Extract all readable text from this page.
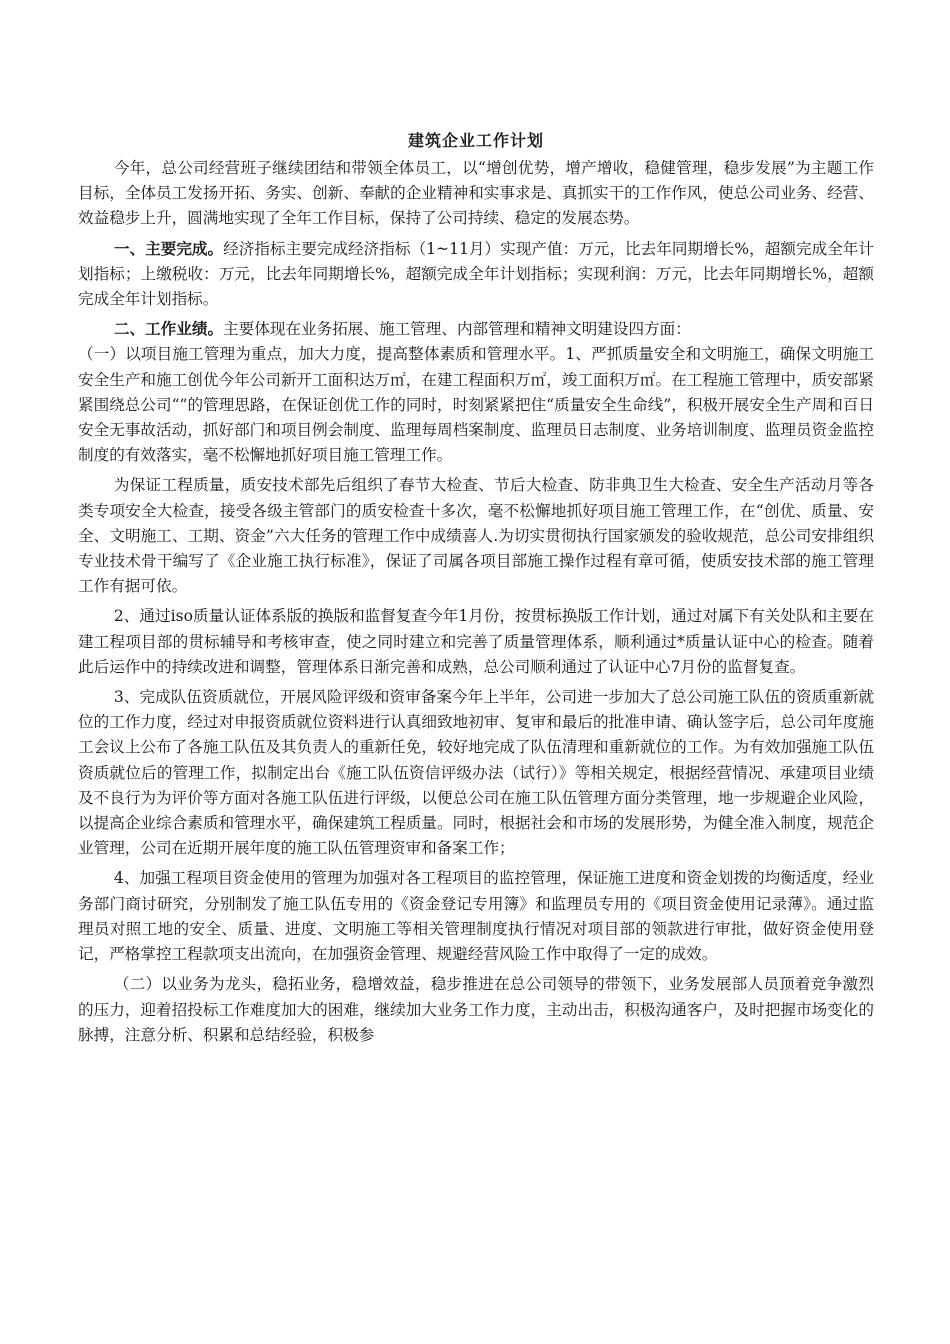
建筑企业工作计划

今年，总公司经营班子继续团结和带领全体员工，以“增创优势，增产增收，稳健管理，稳步发展”为主题工作目标，全体员工发扬开拓、务实、创新、奉献的企业精神和实事求是、真抓实干的工作作风，使总公司业务、经营、效益稳步上升，圆满地实现了全年工作目标，保持了公司持续、稳定的发展态势。

一、主要完成。经济指标主要完成经济指标（1~11月）实现产值：万元，比去年同期增长%，超额完成全年计划指标；上缴税收：万元，比去年同期增长%，超额完成全年计划指标；实现利润：万元，比去年同期增长%，超额完成全年计划指标。

二、工作业绩。主要体现在业务拓展、施工管理、内部管理和精神文明建设四方面：

（一）以项目施工管理为重点，加大力度，提高整体素质和管理水平。1、严抓质量安全和文明施工，确保文明施工安全生产和施工创优今年公司新开工面积达万㎡，在建工程面积万㎡，竣工面积万㎡。在工程施工管理中，质安部紧紧围绕总公司“”的管理思路，在保证创优工作的同时，时刻紧紧把住“质量安全生命线”，积极开展安全生产周和百日安全无事故活动，抓好部门和项目例会制度、监理每周档案制度、监理员日志制度、业务培训制度、监理员资金监控制度的有效落实，毫不松懈地抓好项目施工管理工作。

为保证工程质量，质安技术部先后组织了春节大检查、节后大检查、防非典卫生大检查、安全生产活动月等各类专项安全大检查，接受各级主管部门的质安检查十多次，毫不松懈地抓好项目施工管理工作，在“创优、质量、安全、文明施工、工期、资金”六大任务的管理工作中成绩喜人.为切实贯彻执行国家颁发的验收规范，总公司安排组织专业技术骨干编写了《企业施工执行标准》，保证了司属各项目部施工操作过程有章可循，使质安技术部的施工管理工作有据可依。

2、通过iso质量认证体系版的换版和监督复查今年1月份，按贯标换版工作计划，通过对属下有关处队和主要在建工程项目部的贯标辅导和考核审查，使之同时建立和完善了质量管理体系，顺利通过*质量认证中心的检查。随着此后运作中的持续改进和调整，管理体系日渐完善和成熟，总公司顺利通过了认证中心7月份的监督复查。

3、完成队伍资质就位，开展风险评级和资审备案今年上半年，公司进一步加大了总公司施工队伍的资质重新就位的工作力度，经过对申报资质就位资料进行认真细致地初审、复审和最后的批准申请、确认签字后，总公司年度施工会议上公布了各施工队伍及其负责人的重新任免，较好地完成了队伍清理和重新就位的工作。为有效加强施工队伍资质就位后的管理工作，拟制定出台《施工队伍资信评级办法（试行）》等相关规定，根据经营情况、承建项目业绩及不良行为为评价等方面对各施工队伍进行评级，以便总公司在施工队伍管理方面分类管理，地一步规避企业风险，以提高企业综合素质和管理水平，确保建筑工程质量。同时，根据社会和市场的发展形势，为健全准入制度，规范企业管理，公司在近期开展年度的施工队伍管理资审和备案工作；

4、加强工程项目资金使用的管理为加强对各工程项目的监控管理，保证施工进度和资金划拨的均衡适度，经业务部门商讨研究，分别制发了施工队伍专用的《资金登记专用簿》和监理员专用的《项目资金使用记录薄》。通过监理员对照工地的安全、质量、进度、文明施工等相关管理制度执行情况对项目部的领款进行审批，做好资金使用登记，严格掌控工程款项支出流向，在加强资金管理、规避经营风险工作中取得了一定的成效。

（二）以业务为龙头，稳拓业务，稳增效益，稳步推进在总公司领导的带领下，业务发展部人员顶着竞争激烈的压力，迎着招投标工作难度加大的困难，继续加大业务工作力度，主动出击，积极沟通客户，及时把握市场变化的脉搏，注意分析、积累和总结经验，积极参
